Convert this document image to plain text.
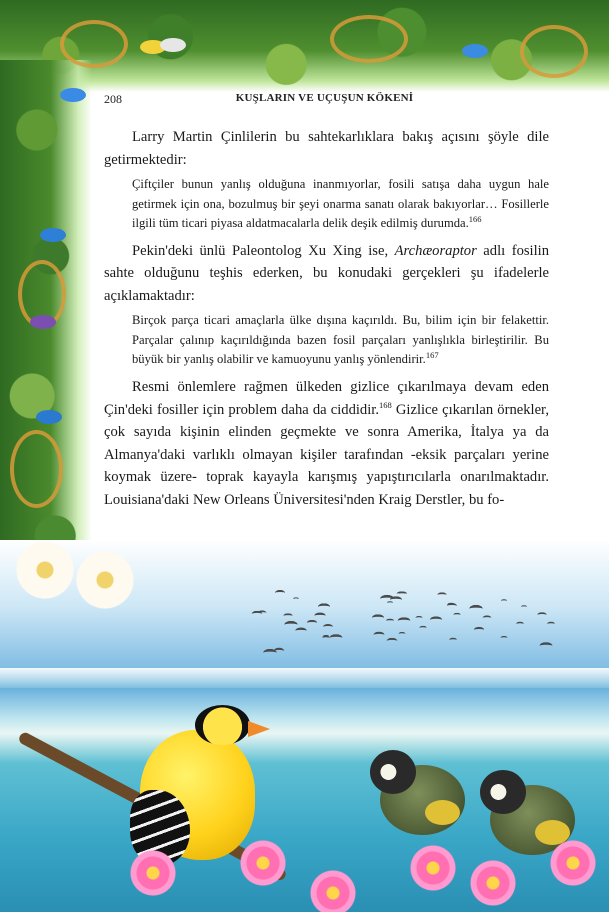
208	KUŞLARIN VE UÇUŞUN KÖKENİ

Larry Martin Çinlilerin bu sahtekarlıklara bakış açısını şöyle dile getirmektedir:

Çiftçiler bunun yanlış olduğuna inanmıyorlar, fosili satışa daha uygun hale getirmek için ona, bozulmuş bir şeyi onarma sanatı olarak bakıyorlar… Fosillerle ilgili tüm ticari piyasa aldatmacalarla delik deşik edilmiş durumda.$^{166}$

Pekin'deki ünlü Paleontolog Xu Xing ise, Archæoraptor adlı fosilin sahte olduğunu teşhis ederken, bu konudaki gerçekleri şu ifadelerle açıklamaktadır:

Birçok parça ticari amaçlarla ülke dışına kaçırıldı. Bu, bilim için bir felakettir. Parçalar çalınıp kaçırıldığında bazen fosil parçaları yanlışlıkla birleştirilir. Bu büyük bir yanlış olabilir ve kamuoyunu yanlış yönlendirir.$^{167}$

Resmi önlemlere rağmen ülkeden gizlice çıkarılmaya devam eden Çin'deki fosiller için problem daha da ciddidir.$^{168}$ Gizlice çıkarılan örnekler, çok sayıda kişinin elinden geçmekte ve sonra Amerika, İtalya ya da Almanya'daki varlıklı olmayan kişiler tarafından -eksik parçaları yerine koymak üzere- toprak kayayla karışmış yapıştırıcılarla onarılmaktadır. Louisiana'daki New Orleans Üniversitesi'nden Kraig Derstler, bu fo-
